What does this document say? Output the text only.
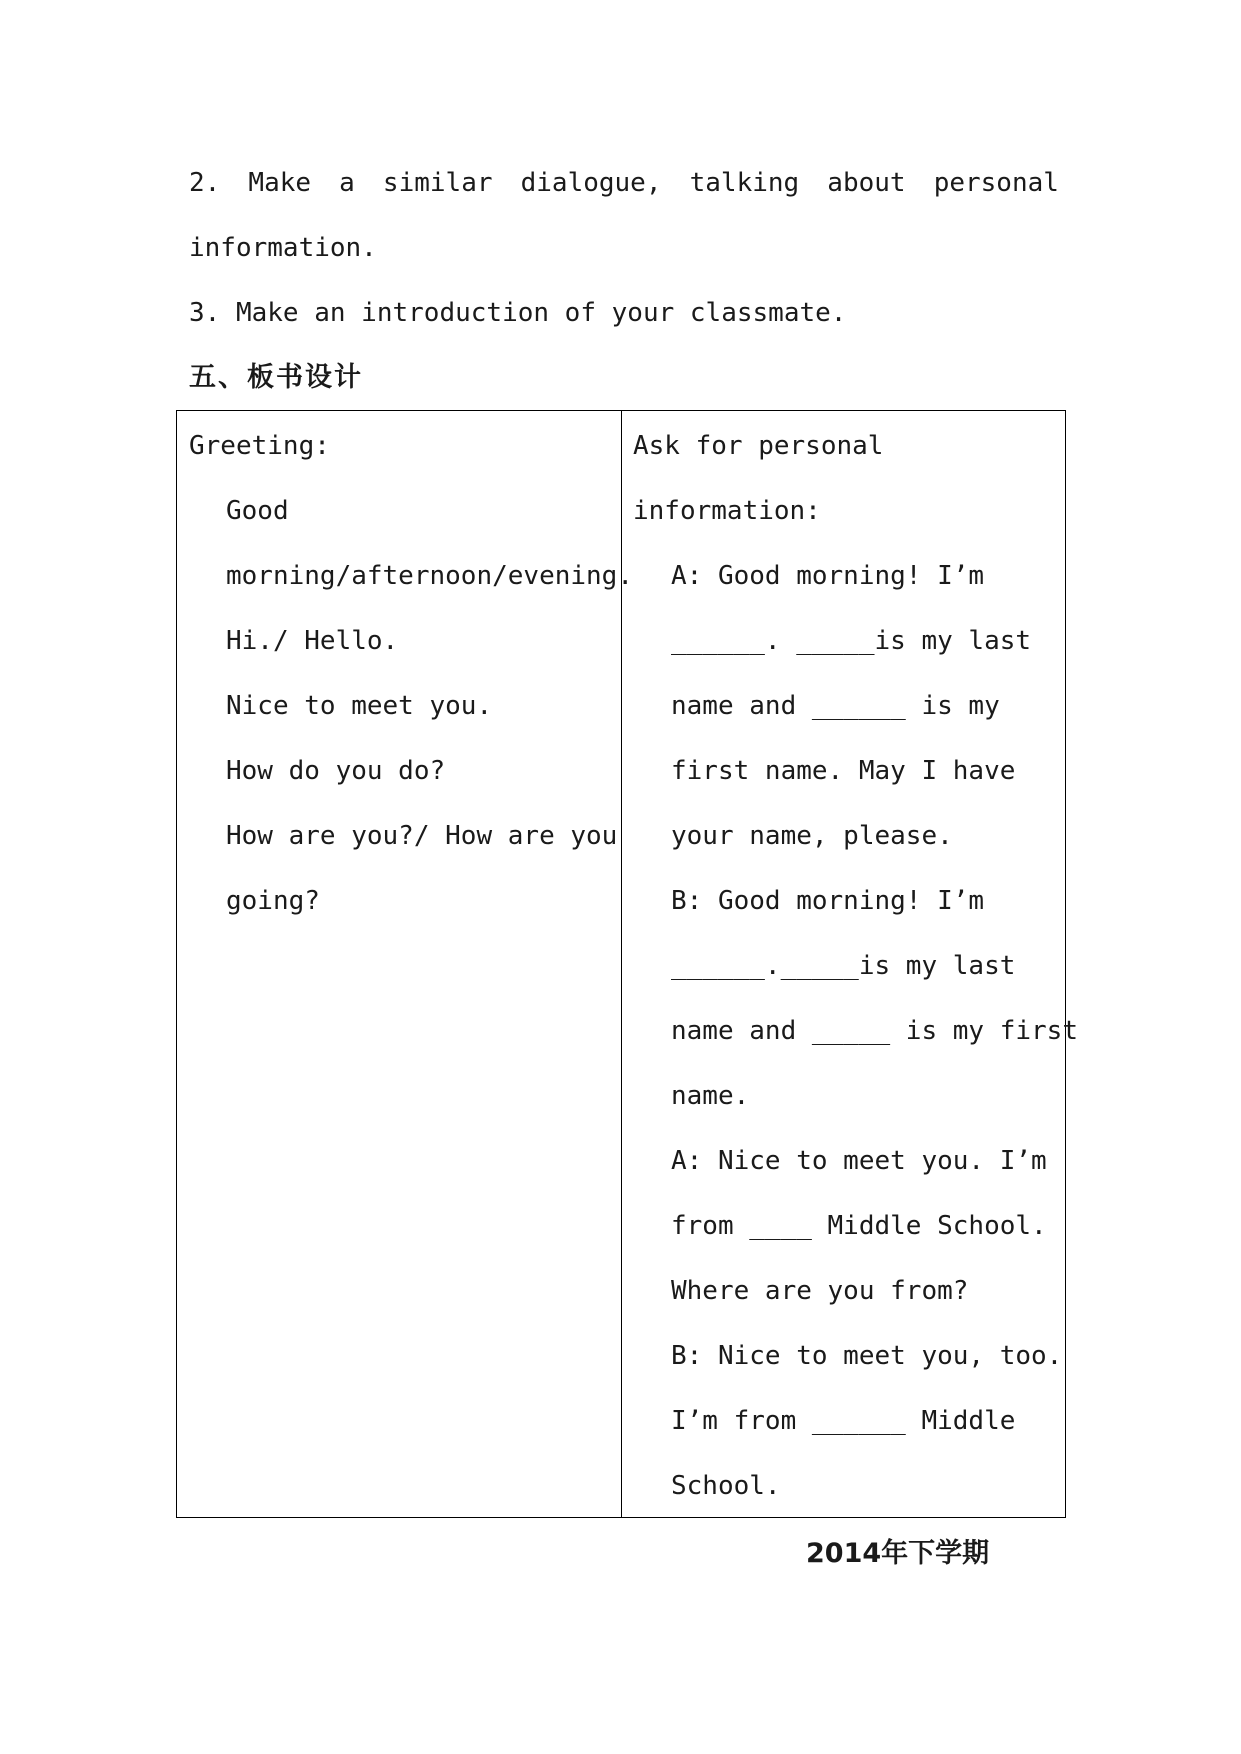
2. Make a similar dialogue, talking about personal
information.
3. Make an introduction of your classmate.
五、板书设计
Greeting:
Good
morning/afternoon/evening.
Hi./ Hello.
Nice to meet you.
How do you do?
How are you?/ How are you
going?
Ask for personal
information:
A: Good morning! I’m
______. _____is my last
name and ______ is my
first name. May I have
your name, please.
B: Good morning! I’m
______._____is my last
name and _____ is my first
name.
A: Nice to meet you. I’m
from ____ Middle School.
Where are you from?
B: Nice to meet you, too.
I’m from ______ Middle
School.
2014年下学期
